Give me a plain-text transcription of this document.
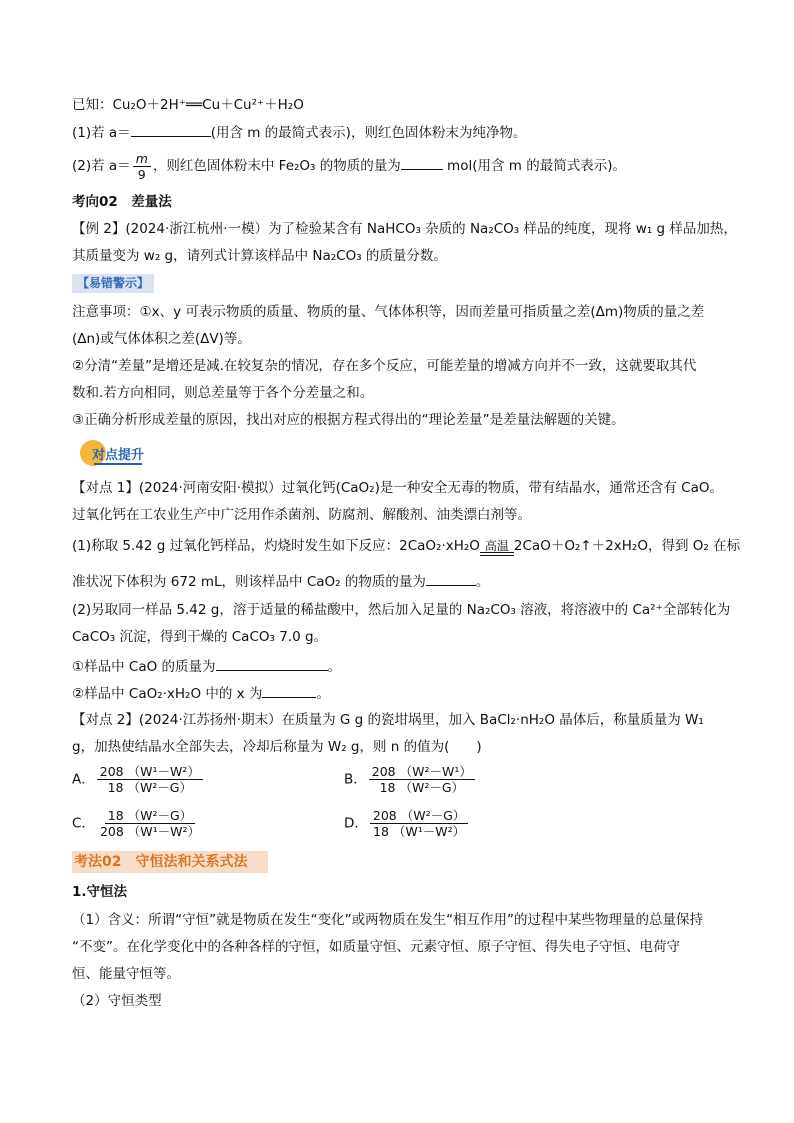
已知：Cu₂O＋2H⁺══Cu＋Cu²⁺＋H₂O
(1)若 a＝	(用含 m 的最简式表示)，则红色固体粉末为纯净物。
(2)若 $a= \frac{m}{9}$ ，则红色固体粉末中 Fe₂O₃ 的物质的量为	mol(用含 m 的最简式表示)。
考向02　差量法
【例 2】(2024·浙江杭州·一模）为了检验某含有 NaHCO₃ 杂质的 Na₂CO₃ 样品的纯度，现将 w₁ g 样品加热，
其质量变为 w₂ g，请列式计算该样品中 Na₂CO₃ 的质量分数。
【易错警示】
注意事项：①x、y 可表示物质的质量、物质的量、气体体积等，因而差量可指质量之差(Δm)物质的量之差
(Δn)或气体体积之差(ΔV)等。
②分清“差量”是增还是减.在较复杂的情况，存在多个反应，可能差量的增减方向并不一致，这就要取其代
数和.若方向相同，则总差量等于各个分差量之和。
③正确分析形成差量的原因，找出对应的根据方程式得出的“理论差量”是差量法解题的关键。
对点提升
【对点 1】(2024·河南安阳·模拟）过氧化钙(CaO₂)是一种安全无毒的物质，带有结晶水，通常还含有 CaO。
过氧化钙在工农业生产中广泛用作杀菌剂、防腐剂、解酸剂、油类漂白剂等。
(1)称取 5.42 g 过氧化钙样品，灼烧时发生如下反应：2CaO₂·xH₂O 高温 2CaO＋O₂↑＋2xH₂O，得到 O₂ 在标
准状况下体积为 672 mL，则该样品中 CaO₂ 的物质的量为	。
(2)另取同一样品 5.42 g，溶于适量的稀盐酸中，然后加入足量的 Na₂CO₃ 溶液，将溶液中的 Ca²⁺全部转化为
CaCO₃ 沉淀，得到干燥的 CaCO₃ 7.0 g。
①样品中 CaO 的质量为	。
②样品中 CaO₂·xH₂O 中的 x 为	。
【对点 2】(2024·江苏扬州·期末）在质量为 G g 的瓷坩埚里，加入 BaCl₂·nH₂O 晶体后，称量质量为 W₁
g，加热使结晶水全部失去，冷却后称量为 W₂ g，则 n 的值为(　　)
A． $\frac{\text{208 （W¹－W²）}}{\text{18 （W²－G）}}$	B． $\frac{\text{208 （W²－W¹）}}{\text{18 （W²－G）}}$
C． $\frac{\text{18 （W²－G）}}{\text{208 （W¹－W²）}}$	D． $\frac{\text{208 （W²－G）}}{\text{18 （W¹－W²）}}$
考法02　守恒法和关系式法
1.守恒法
（1）含义：所谓“守恒”就是物质在发生“变化”或两物质在发生“相互作用”的过程中某些物理量的总量保持
“不变”。在化学变化中的各种各样的守恒，如质量守恒、元素守恒、原子守恒、得失电子守恒、电荷守
恒、能量守恒等。
（2）守恒类型
